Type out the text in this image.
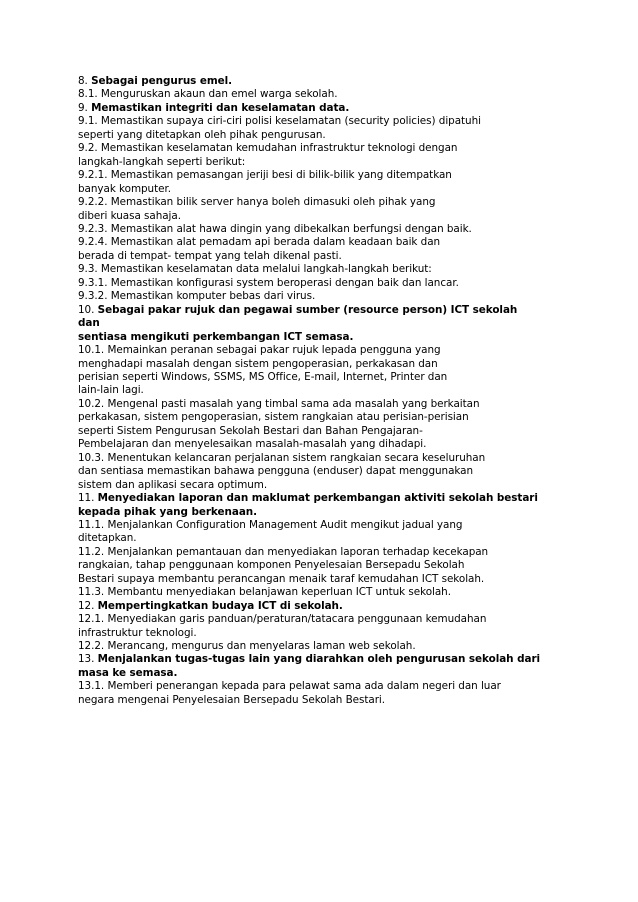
8. Sebagai pengurus emel.
8.1. Menguruskan akaun dan emel warga sekolah.
9. Memastikan integriti dan keselamatan data.
9.1. Memastikan supaya ciri-ciri polisi keselamatan (security policies) dipatuhi
seperti yang ditetapkan oleh pihak pengurusan.
9.2. Memastikan keselamatan kemudahan infrastruktur teknologi dengan
langkah-langkah seperti berikut:
9.2.1. Memastikan pemasangan jeriji besi di bilik-bilik yang ditempatkan
banyak komputer.
9.2.2. Memastikan bilik server hanya boleh dimasuki oleh pihak yang
diberi kuasa sahaja.
9.2.3. Memastikan alat hawa dingin yang dibekalkan berfungsi dengan baik.
9.2.4. Memastikan alat pemadam api berada dalam keadaan baik dan
berada di tempat- tempat yang telah dikenal pasti.
9.3. Memastikan keselamatan data melalui langkah-langkah berikut:
9.3.1. Memastikan konfigurasi system beroperasi dengan baik dan lancar.
9.3.2. Memastikan komputer bebas dari virus.
10. Sebagai pakar rujuk dan pegawai sumber (resource person) ICT sekolah
dan
sentiasa mengikuti perkembangan ICT semasa.
10.1. Memainkan peranan sebagai pakar rujuk lepada pengguna yang
menghadapi masalah dengan sistem pengoperasian, perkakasan dan
perisian seperti Windows, SSMS, MS Office, E-mail, Internet, Printer dan
lain-lain lagi.
10.2. Mengenal pasti masalah yang timbal sama ada masalah yang berkaitan
perkakasan, sistem pengoperasian, sistem rangkaian atau perisian-perisian
seperti Sistem Pengurusan Sekolah Bestari dan Bahan Pengajaran-
Pembelajaran dan menyelesaikan masalah-masalah yang dihadapi.
10.3. Menentukan kelancaran perjalanan sistem rangkaian secara keseluruhan
dan sentiasa memastikan bahawa pengguna (enduser) dapat menggunakan
sistem dan aplikasi secara optimum.
11. Menyediakan laporan dan maklumat perkembangan aktiviti sekolah bestari
kepada pihak yang berkenaan.
11.1. Menjalankan Configuration Management Audit mengikut jadual yang
ditetapkan.
11.2. Menjalankan pemantauan dan menyediakan laporan terhadap kecekapan
rangkaian, tahap penggunaan komponen Penyelesaian Bersepadu Sekolah
Bestari supaya membantu perancangan menaik taraf kemudahan ICT sekolah.
11.3. Membantu menyediakan belanjawan keperluan ICT untuk sekolah.
12. Mempertingkatkan budaya ICT di sekolah.
12.1. Menyediakan garis panduan/peraturan/tatacara penggunaan kemudahan
infrastruktur teknologi.
12.2. Merancang, mengurus dan menyelaras laman web sekolah.
13. Menjalankan tugas-tugas lain yang diarahkan oleh pengurusan sekolah dari
masa ke semasa.
13.1. Memberi penerangan kepada para pelawat sama ada dalam negeri dan luar
negara mengenai Penyelesaian Bersepadu Sekolah Bestari.
